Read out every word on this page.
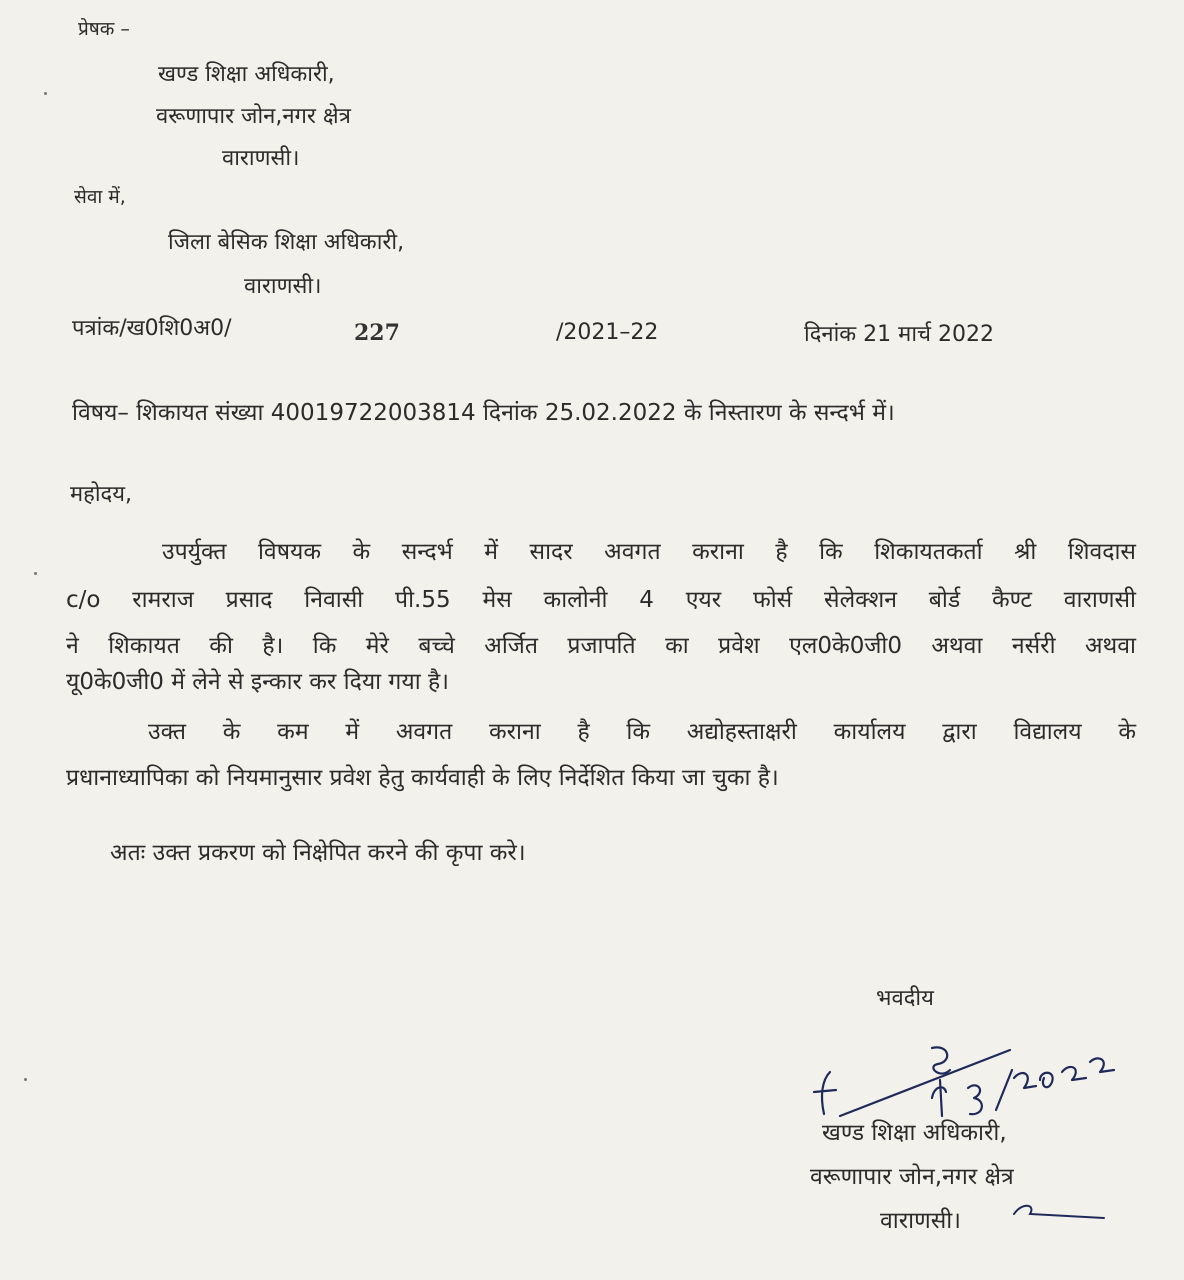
प्रेषक –
खण्ड शिक्षा अधिकारी,
वरूणापार जोन,नगर क्षेत्र
वाराणसी।
सेवा में,
जिला बेसिक शिक्षा अधिकारी,
वाराणसी।
पत्रांक/ख0शि0अ0/	227	/2021–22	दिनांक 21 मार्च 2022
विषय– शिकायत संख्या 40019722003814 दिनांक 25.02.2022 के निस्तारण के सन्दर्भ में।
महोदय,
उपर्युक्त विषयक के सन्दर्भ में सादर अवगत कराना है कि शिकायतकर्ता श्री शिवदास
c/o रामराज प्रसाद निवासी पी.55 मेस कालोनी 4 एयर फोर्स सेलेक्शन बोर्ड कैण्ट वाराणसी
ने शिकायत की है। कि मेरे बच्चे अर्जित प्रजापति का प्रवेश एल0के0जी0 अथवा नर्सरी अथवा
यू0के0जी0 में लेने से इन्कार कर दिया गया है।
उक्त के कम में अवगत कराना है कि अद्योहस्ताक्षरी कार्यालय द्वारा विद्यालय के
प्रधानाध्यापिका को नियमानुसार प्रवेश हेतु कार्यवाही के लिए निर्देशित किया जा चुका है।
अतः उक्त प्रकरण को निक्षेपित करने की कृपा करे।
भवदीय
खण्ड शिक्षा अधिकारी,
वरूणापार जोन,नगर क्षेत्र
वाराणसी।
